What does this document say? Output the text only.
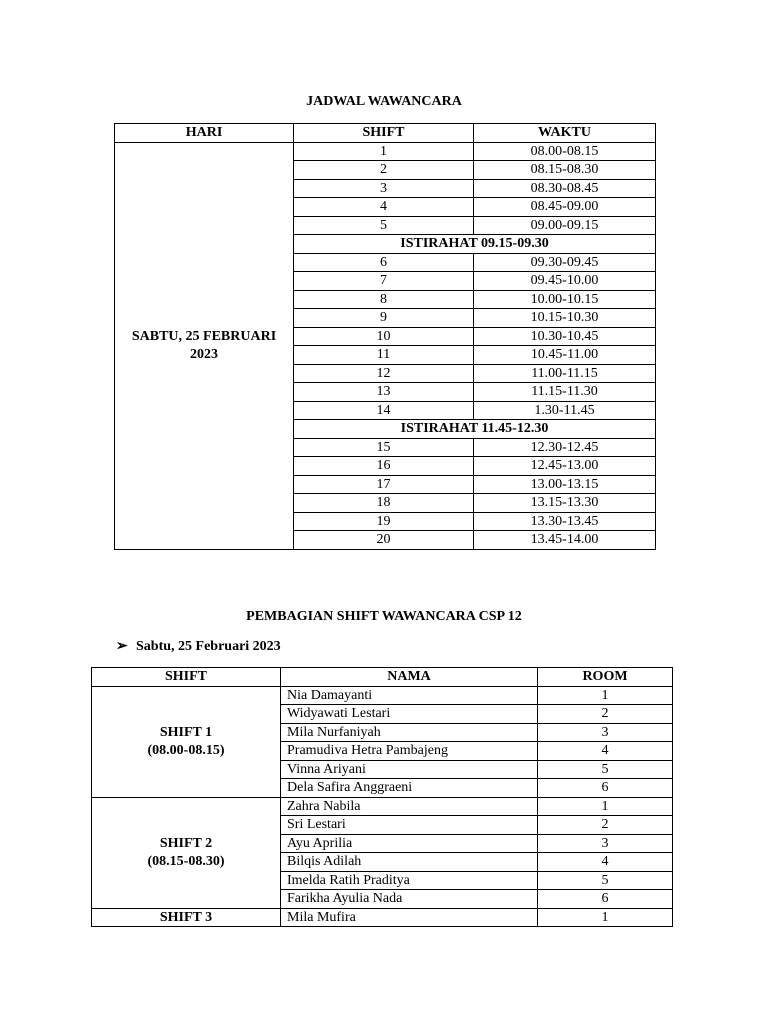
JADWAL WAWANCARA
HARI	SHIFT	WAKTU

SABTU, 25 FEBRUARI
2023	1	08.00-08.15
	2	08.15-08.30
	3	08.30-08.45
	4	08.45-09.00
	5	09.00-09.15
	ISTIRAHAT 09.15-09.30	
	6	09.30-09.45
	7	09.45-10.00
	8	10.00-10.15
	9	10.15-10.30
	10	10.30-10.45
	11	10.45-11.00
	12	11.00-11.15
	13	11.15-11.30
	14	1.30-11.45
	ISTIRAHAT 11.45-12.30	
	15	12.30-12.45
	16	12.45-13.00
	17	13.00-13.15
	18	13.15-13.30
	19	13.30-13.45
	20	13.45-14.00
PEMBAGIAN SHIFT WAWANCARA CSP 12
➢ Sabtu, 25 Februari 2023
SHIFT	NAMA	ROOM

SHIFT 1
(08.00-08.15)	Nia Damayanti	1
	Widyawati Lestari	2
	Mila Nurfaniyah	3
	Pramudiva Hetra Pambajeng	4
	Vinna Ariyani	5
	Dela Safira Anggraeni	6

SHIFT 2
(08.15-08.30)	Zahra Nabila	1
	Sri Lestari	2
	Ayu Aprilia	3
	Bilqis Adilah	4
	Imelda Ratih Praditya	5
	Farikha Ayulia Nada	6

SHIFT 3	Mila Mufira	1
